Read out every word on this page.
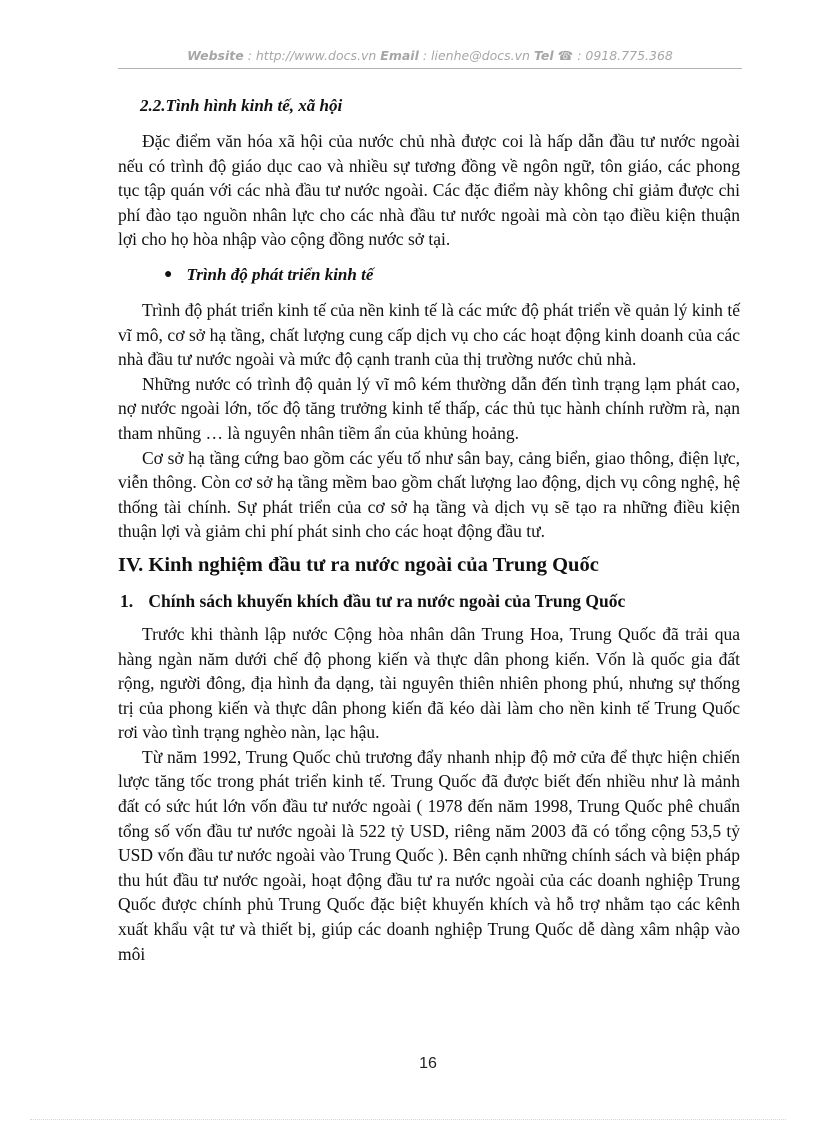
Website : http://www.docs.vn Email : lienhe@docs.vn Tel ☎ : 0918.775.368
2.2.Tình hình kinh tế, xã hội

Đặc điểm văn hóa xã hội của nước chủ nhà được coi là hấp dẫn đầu tư nước ngoài nếu có trình độ giáo dục cao và nhiều sự tương đồng về ngôn ngữ, tôn giáo, các phong tục tập quán với các nhà đầu tư nước ngoài. Các đặc điểm này không chỉ giảm được chi phí đào tạo nguồn nhân lực cho các nhà đầu tư nước ngoài mà còn tạo điều kiện thuận lợi cho họ hòa nhập vào cộng đồng nước sở tại.

● Trình độ phát triển kinh tế

Trình độ phát triển kinh tế của nền kinh tế là các mức độ phát triển về quản lý kinh tế vĩ mô, cơ sở hạ tầng, chất lượng cung cấp dịch vụ cho các hoạt động kinh doanh của các nhà đầu tư nước ngoài và mức độ cạnh tranh của thị trường nước chủ nhà.

Những nước có trình độ quản lý vĩ mô kém thường dẫn đến tình trạng lạm phát cao, nợ nước ngoài lớn, tốc độ tăng trưởng kinh tế thấp, các thủ tục hành chính rườm rà, nạn tham nhũng … là nguyên nhân tiềm ẩn của khủng hoảng.

Cơ sở hạ tầng cứng bao gồm các yếu tố như sân bay, cảng biển, giao thông, điện lực, viễn thông. Còn cơ sở hạ tầng mềm bao gồm chất lượng lao động, dịch vụ công nghệ, hệ thống tài chính. Sự phát triển của cơ sở hạ tầng và dịch vụ sẽ tạo ra những điều kiện thuận lợi và giảm chi phí phát sinh cho các hoạt động đầu tư.

IV. Kinh nghiệm đầu tư ra nước ngoài của Trung Quốc
1. Chính sách khuyến khích đầu tư ra nước ngoài của Trung Quốc

Trước khi thành lập nước Cộng hòa nhân dân Trung Hoa, Trung Quốc đã trải qua hàng ngàn năm dưới chế độ phong kiến và thực dân phong kiến. Vốn là quốc gia đất rộng, người đông, địa hình đa dạng, tài nguyên thiên nhiên phong phú, nhưng sự thống trị của phong kiến và thực dân phong kiến đã kéo dài làm cho nền kinh tế Trung Quốc rơi vào tình trạng nghèo nàn, lạc hậu.

Từ năm 1992, Trung Quốc chủ trương đẩy nhanh nhịp độ mở cửa để thực hiện chiến lược tăng tốc trong phát triển kinh tế. Trung Quốc đã được biết đến nhiều như là mảnh đất có sức hút lớn vốn đầu tư nước ngoài ( 1978 đến năm 1998, Trung Quốc phê chuẩn tổng số vốn đầu tư nước ngoài là 522 tỷ USD, riêng năm 2003 đã có tổng cộng 53,5 tỷ USD vốn đầu tư nước ngoài vào Trung Quốc ). Bên cạnh những chính sách và biện pháp thu hút đầu tư nước ngoài, hoạt động đầu tư ra nước ngoài của các doanh nghiệp Trung Quốc được chính phủ Trung Quốc đặc biệt khuyến khích và hỗ trợ nhằm tạo các kênh xuất khẩu vật tư và thiết bị, giúp các doanh nghiệp Trung Quốc dễ dàng xâm nhập vào môi

16
